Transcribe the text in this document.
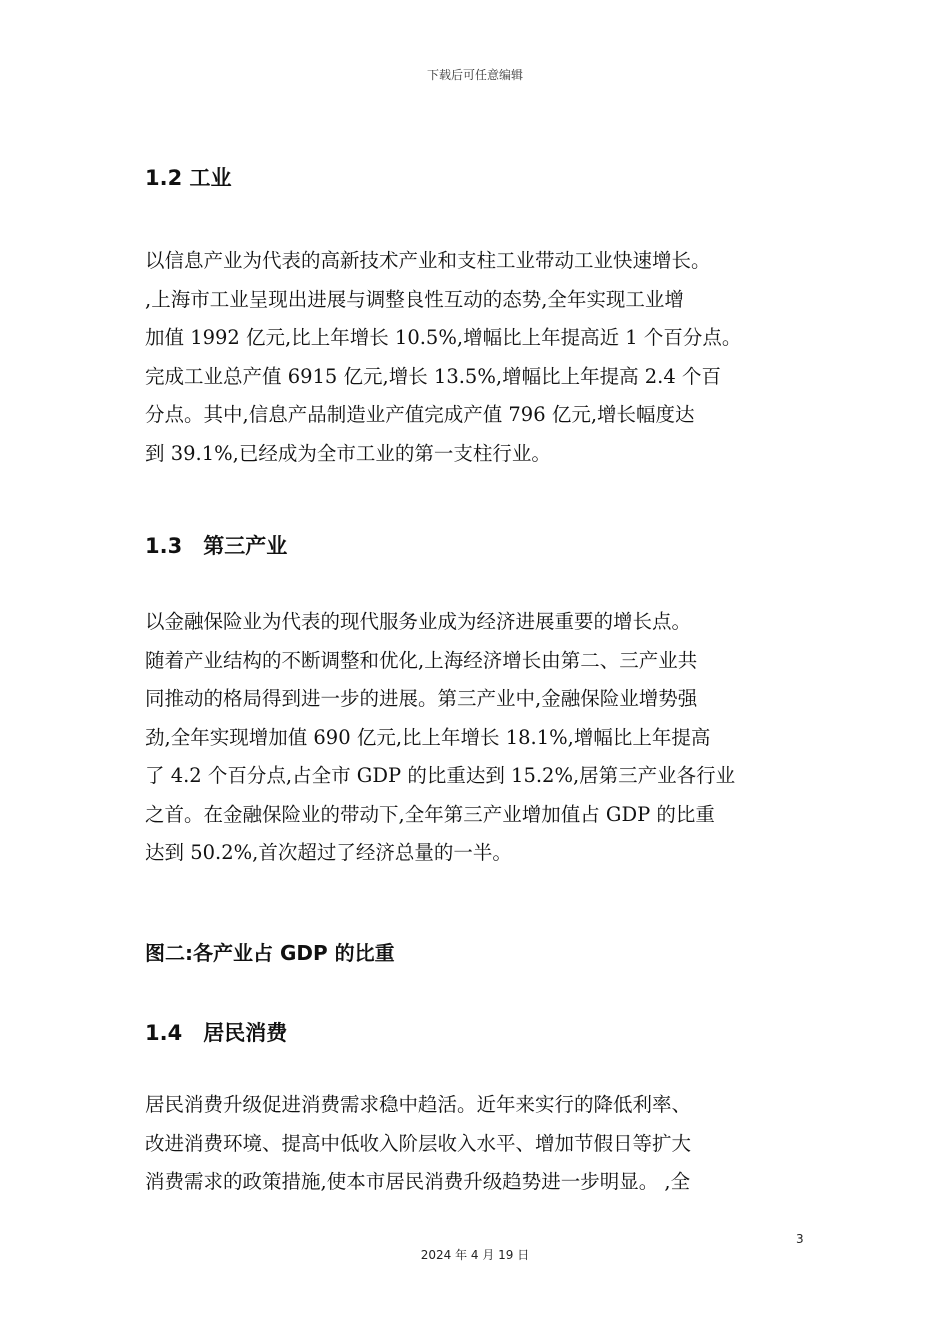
下载后可任意编辑
1.2 工业

以信息产业为代表的高新技术产业和支柱工业带动工业快速增长。
,上海市工业呈现出进展与调整良性互动的态势,全年实现工业增
加值 1992 亿元,比上年增长 10.5%,增幅比上年提高近 1 个百分点。
完成工业总产值 6915 亿元,增长 13.5%,增幅比上年提高 2.4 个百
分点。其中,信息产品制造业产值完成产值 796 亿元,增长幅度达
到 39.1%,已经成为全市工业的第一支柱行业。

1.3　第三产业

以金融保险业为代表的现代服务业成为经济进展重要的增长点。
随着产业结构的不断调整和优化,上海经济增长由第二、三产业共
同推动的格局得到进一步的进展。第三产业中,金融保险业增势强
劲,全年实现增加值 690 亿元,比上年增长 18.1%,增幅比上年提高
了 4.2 个百分点,占全市 GDP 的比重达到 15.2%,居第三产业各行业
之首。在金融保险业的带动下,全年第三产业增加值占 GDP 的比重
达到 50.2%,首次超过了经济总量的一半。

图二:各产业占 GDP 的比重

1.4　居民消费

居民消费升级促进消费需求稳中趋活。近年来实行的降低利率、
改进消费环境、提高中低收入阶层收入水平、增加节假日等扩大
消费需求的政策措施,使本市居民消费升级趋势进一步明显。 ,全

3
2024 年 4 月 19 日
